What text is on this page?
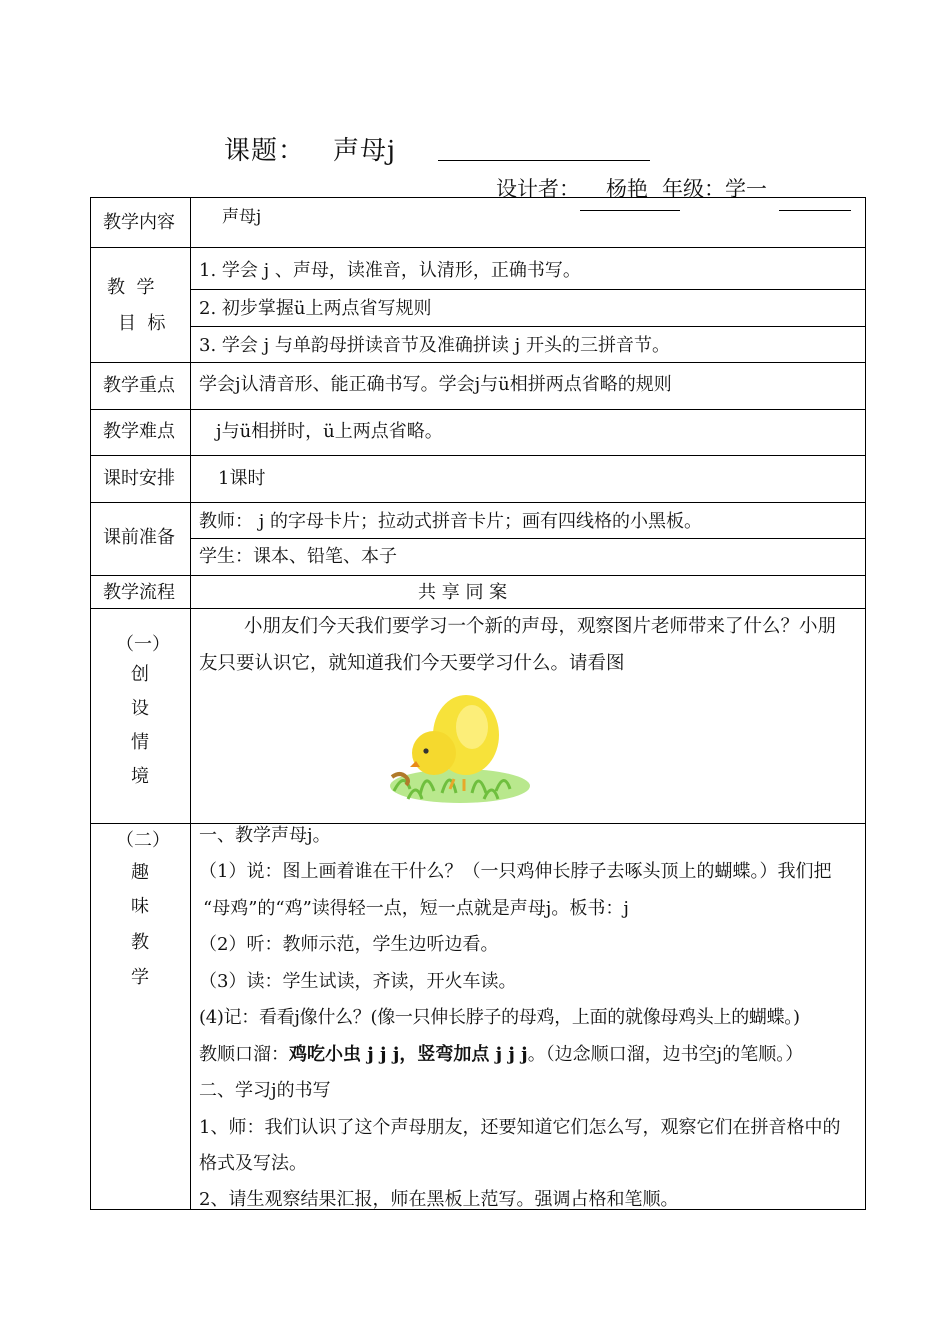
课题： 声母j
设计者： 杨艳 年级：学一
教学内容	声母j
教  学
目  标
1. 学会 j 、声母，读准音，认清形，正确书写。
2. 初步掌握ü上两点省写规则
3. 学会 j 与单韵母拼读音节及准确拼读 j 开头的三拼音节。
教学重点 学会j认清音形、能正确书写。学会j与ü相拼两点省略的规则
教学难点 j与ü相拼时，ü上两点省略。
课时安排 1课时
课前准备
教师： j 的字母卡片；拉动式拼音卡片；画有四线格的小黑板。
学生：课本、铅笔、本子
教学流程	共 享 同 案
（一）
创
设
情
境
小朋友们今天我们要学习一个新的声母，观察图片老师带来了什么？小朋
友只要认识它，就知道我们今天要学习什么。请看图
（二）
趣
味
教
学
一、教学声母j。
（1）说：图上画着谁在干什么？（一只鸡伸长脖子去啄头顶上的蝴蝶。）我们把
“母鸡”的“鸡”读得轻一点，短一点就是声母j。板书：j
（2）听：教师示范，学生边听边看。
（3）读：学生试读，齐读，开火车读。
(4)记：看看j像什么？(像一只伸长脖子的母鸡，上面的就像母鸡头上的蝴蝶。)
教顺口溜：鸡吃小虫 j j j，竖弯加点 j j j。（边念顺口溜，边书空j的笔顺。）
二、学习j的书写
1、师：我们认识了这个声母朋友，还要知道它们怎么写，观察它们在拼音格中的
格式及写法。
2、请生观察结果汇报，师在黑板上范写。强调占格和笔顺。
